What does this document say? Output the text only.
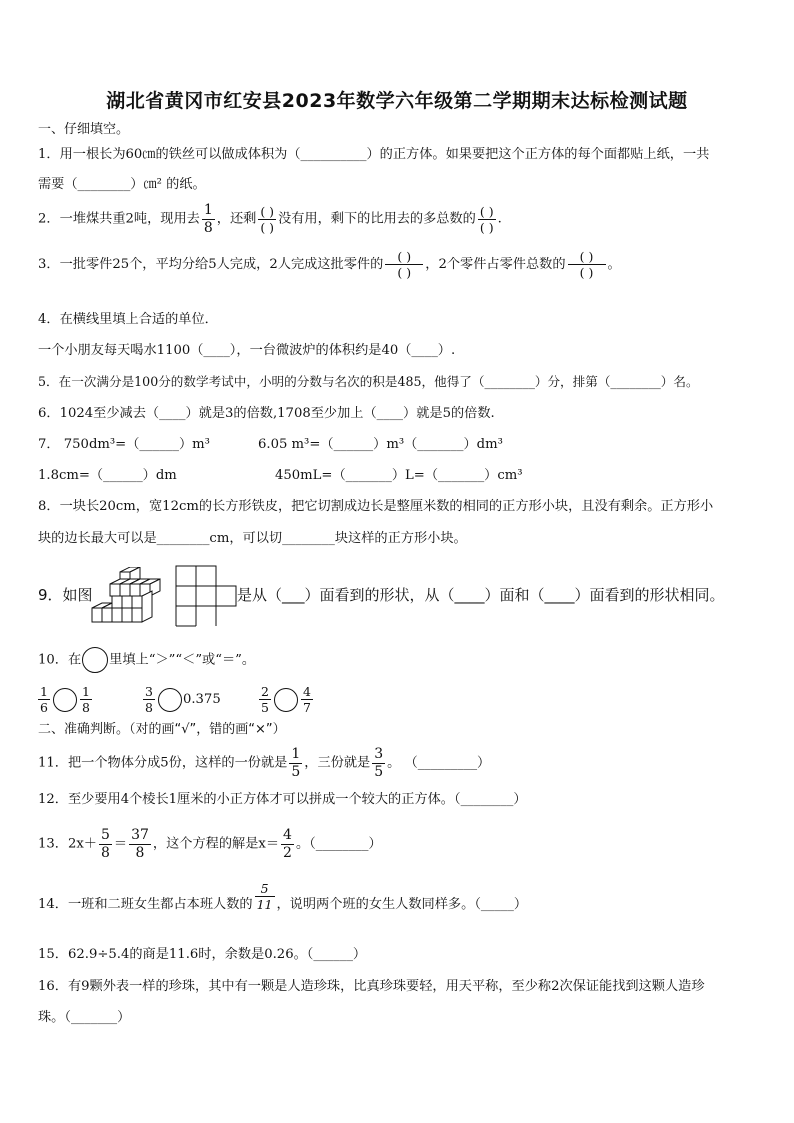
湖北省黄冈市红安县2023年数学六年级第二学期期末达标检测试题
一、仔细填空。
1．用一根长为60㎝的铁丝可以做成体积为（__________）的正方体。如果要把这个正方体的每个面都贴上纸，一共
需要（________）㎝² 的纸。
2．一堆煤共重2吨，现用去 $\frac{1}{8}$ ，还剩 $\frac{( )}{( )}$ 没有用，剩下的比用去的多总数的 $\frac{( )}{( )}$ .
3．一批零件25个，平均分给5人完成，2人完成这批零件的 $\frac{( )}{( )}$ ，2个零件占零件总数的 $\frac{( )}{( )}$ 。
4．在横线里填上合适的单位．
一个小朋友每天喝水1100（____），一台微波炉的体积约是40（____）.
5．在一次满分是100分的数学考试中，小明的分数与名次的积是485，他得了（________）分，排第（________）名。
6．1024至少减去（____）就是3的倍数,1708至少加上（____）就是5的倍数.
7． 750dm³=（______）m³	6.05 m³=（______）m³（_______）dm³
1.8cm=（______）dm	450mL=（_______）L=（_______）cm³
8．一块长20cm，宽12cm的长方形铁皮，把它切割成边长是整厘米数的相同的正方形小块，且没有剩余。正方形小
块的边长最大可以是________cm，可以切________块这样的正方形小块。
9．如图	是从（___）面看到的形状，从（____）面和（____）面看到的形状相同。
10．在 里填上“＞”“＜”或“＝”。
$\frac{1}{6} \frac{1}{8}$	$\frac{3}{8} 0.375$	$\frac{2}{5} \frac{4}{7}$
二、准确判断。（对的画“√”，错的画“×”）
11．把一个物体分成5份，这样的一份就是 $\frac{1}{5}$ ，三份就是 $\frac{3}{5}$ 。 （_________）
12．至少要用4个棱长1厘米的小正方体才可以拼成一个较大的正方体。（________）
13．$2x+ \frac{5}{8} = \frac{37}{8}$ ，这个方程的解是$x= \frac{4}{2}$ 。（________）
14．一班和二班女生都占本班人数的 $\frac{5}{11}$ ，说明两个班的女生人数同样多。（_____）
15．62.9÷5.4的商是11.6时，余数是0.26。（______）
16．有9颗外表一样的珍珠，其中有一颗是人造珍珠，比真珍珠要轻，用天平称，至少称2次保证能找到这颗人造珍
珠。（_______）
